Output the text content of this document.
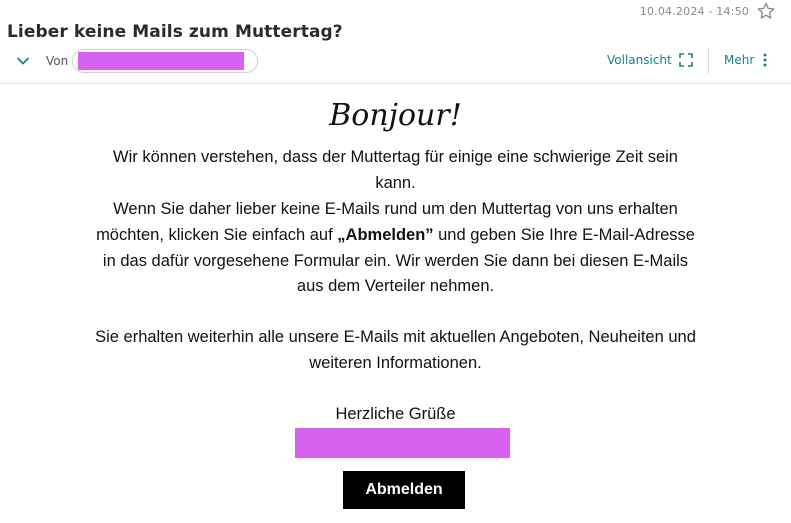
10.04.2024 - 14:50
Lieber keine Mails zum Muttertag?
Von	Vollansicht	Mehr
Bonjour!
Wir können verstehen, dass der Muttertag für einige eine schwierige Zeit sein
kann.
Wenn Sie daher lieber keine E-Mails rund um den Muttertag von uns erhalten
möchten, klicken Sie einfach auf „Abmelden” und geben Sie Ihre E-Mail-Adresse
in das dafür vorgesehene Formular ein. Wir werden Sie dann bei diesen E-Mails
aus dem Verteiler nehmen.
Sie erhalten weiterhin alle unsere E-Mails mit aktuellen Angeboten, Neuheiten und
weiteren Informationen.
Herzliche Grüße
Abmelden
